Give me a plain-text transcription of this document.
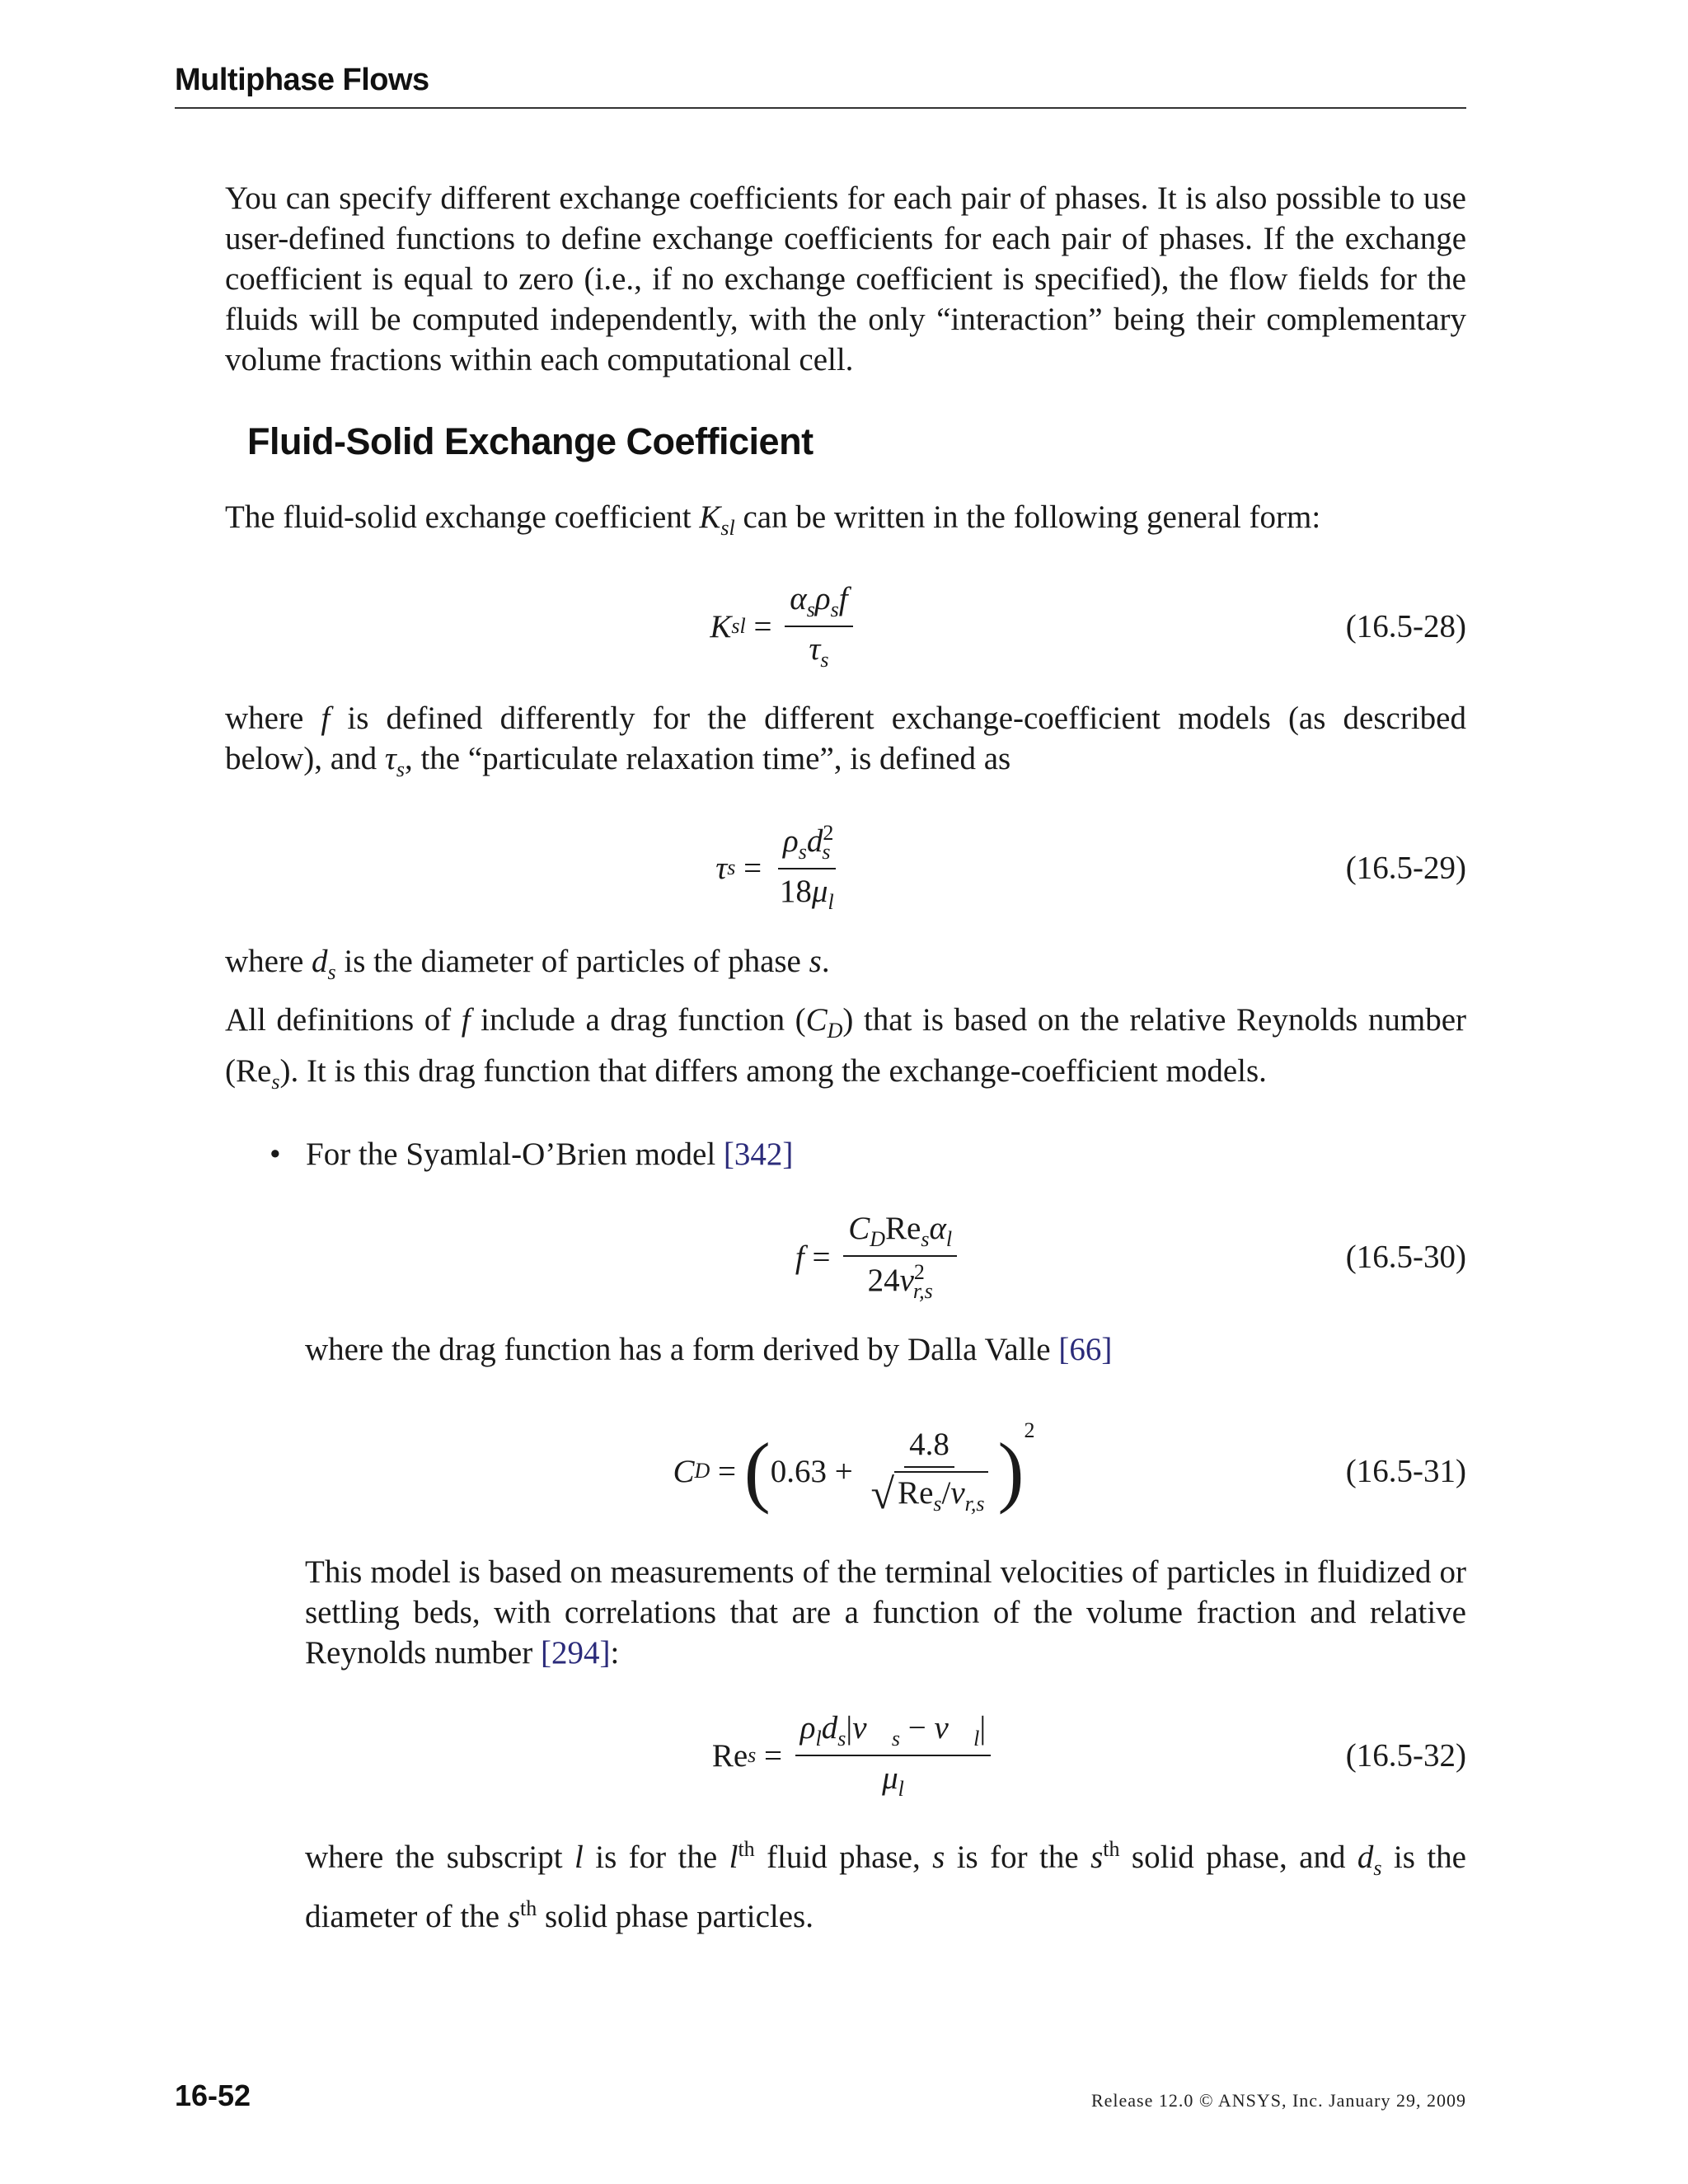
Multiphase Flows

You can specify different exchange coefficients for each pair of phases. It is also possible to use user-defined functions to define exchange coefficients for each pair of phases. If the exchange coefficient is equal to zero (i.e., if no exchange coefficient is specified), the flow fields for the fluids will be computed independently, with the only “interaction” being their complementary volume fractions within each computational cell.

Fluid-Solid Exchange Coefficient

The fluid-solid exchange coefficient $K_{sl}$ can be written in the following general form:

K sl = $\frac{\alpha_s\rho_sf}{\tau_s}$	(16.5-28)

where f is defined differently for the different exchange-coefficient models (as described below), and $\tau_s$, the “particulate relaxation time”, is defined as

τ $s = \frac{\rho_sd^2_s}{18\mu_l}$	(16.5-29)

where $d_s$ is the diameter of particles of phase s.

All definitions of f include a drag function $(C_D)$ that is based on the relative Reynolds number $(Re_s)$. It is this drag function that differs among the exchange-coefficient models.

• For the Syamlal-O’Brien model [342]
$f = \frac{C_DRe_s\alpha_l}{24v^2_{r,s}}$	(16.5-30)

where the drag function has a form derived by Dalla Valle [66]

C D = ( $0.63 + \frac{4.8}{√ Re_s/v_{r,s}} )^2$
(16.5-31)

This model is based on measurements of the terminal velocities of particles in fluidized or settling beds, with correlations that are a function of the volume fraction and relative Reynolds number [294]:

Re $s = \frac{\rho_ld_s|v⃗_s - v⃗_l|}{\mu_l}$	(16.5-32)

where the subscript l is for the $l^{th}$ fluid phase, s is for the $s^{th}$ solid phase, and $d_s$ is the diameter of the $s^{th}$ solid phase particles.

16-52	Release 12.0 © ANSYS, Inc. January 29, 2009
